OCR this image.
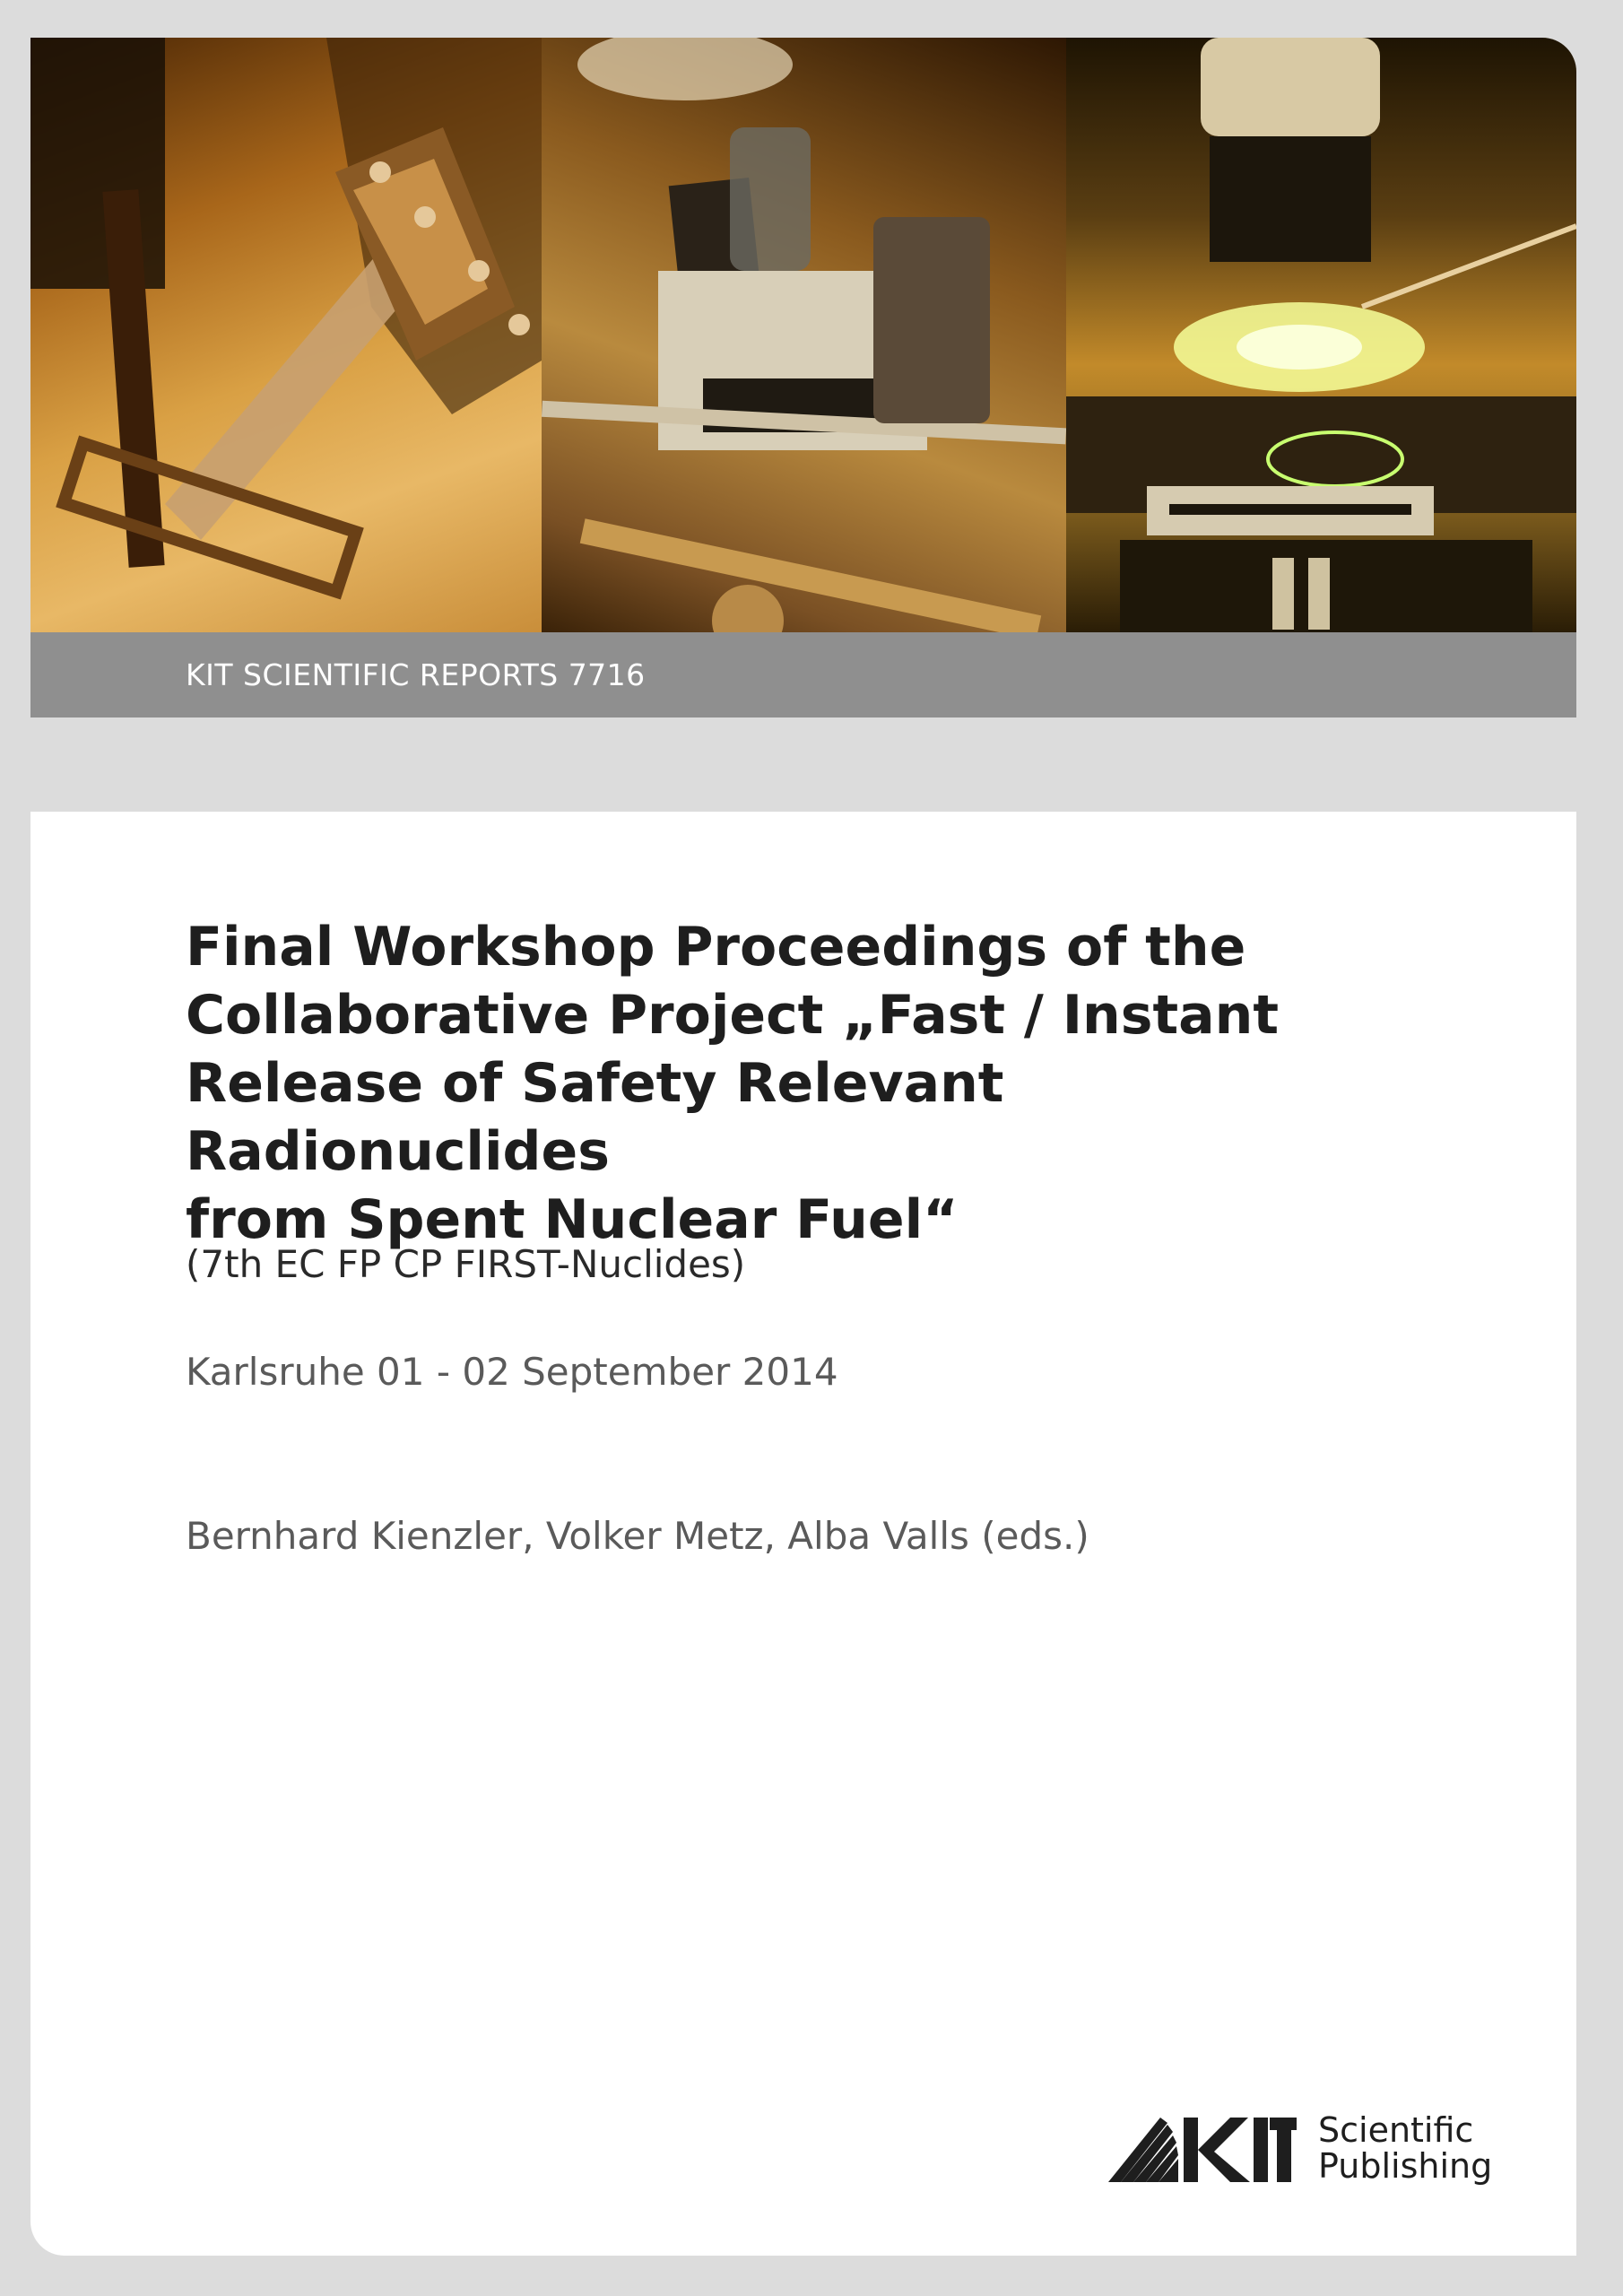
KIT SCIENTIFIC REPORTS 7716
Final Workshop Proceedings of the
Collaborative Project „Fast / Instant
Release of Safety Relevant Radionuclides
from Spent Nuclear Fuel“

(7th EC FP CP FIRST-Nuclides)

Karlsruhe 01 - 02 September 2014

Bernhard Kienzler, Volker Metz, Alba Valls (eds.)

Scientific
Publishing
